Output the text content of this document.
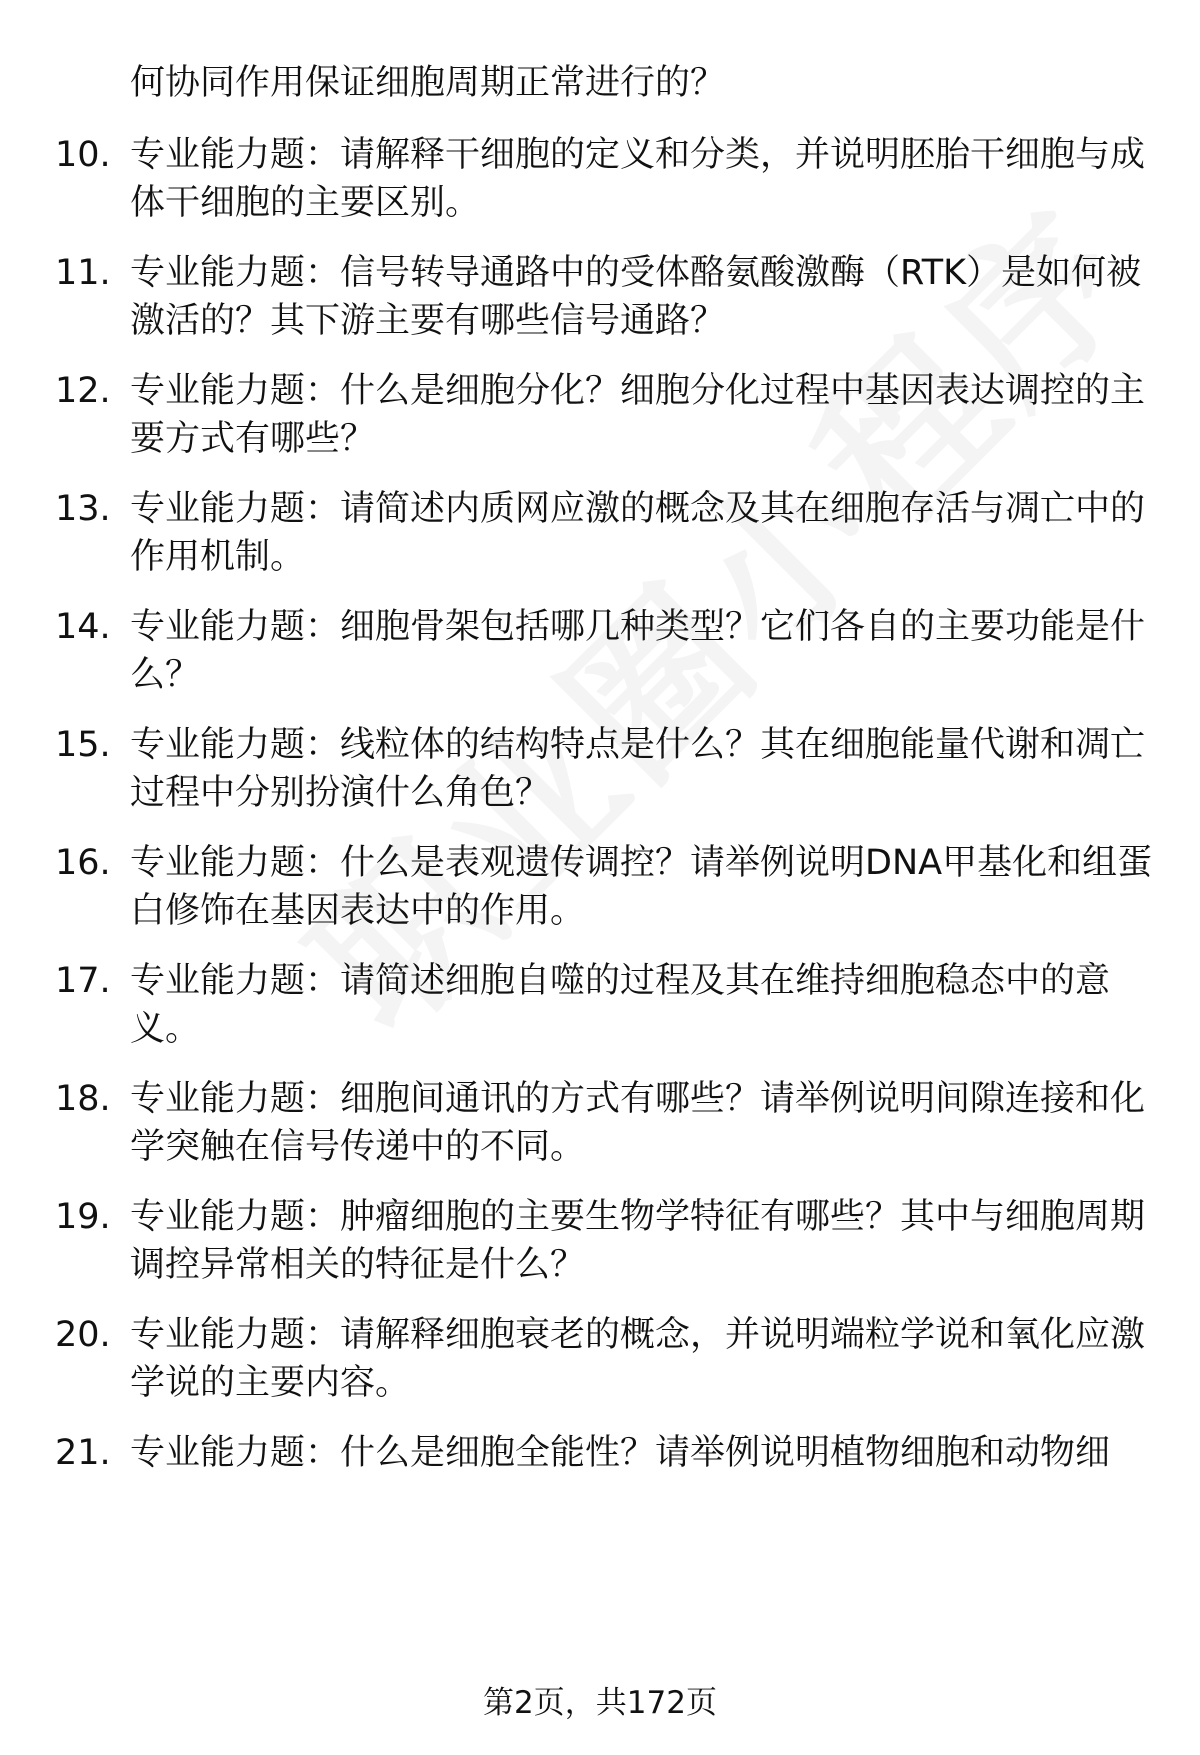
何协同作用保证细胞周期正常进行的？
10. 专业能力题：请解释干细胞的定义和分类，并说明胚胎干细胞与成体干细胞的主要区别。
11. 专业能力题：信号转导通路中的受体酪氨酸激酶（RTK）是如何被激活的？其下游主要有哪些信号通路？
12. 专业能力题：什么是细胞分化？细胞分化过程中基因表达调控的主要方式有哪些？
13. 专业能力题：请简述内质网应激的概念及其在细胞存活与凋亡中的作用机制。
14. 专业能力题：细胞骨架包括哪几种类型？它们各自的主要功能是什么？
15. 专业能力题：线粒体的结构特点是什么？其在细胞能量代谢和凋亡过程中分别扮演什么角色？
16. 专业能力题：什么是表观遗传调控？请举例说明DNA甲基化和组蛋白修饰在基因表达中的作用。
17. 专业能力题：请简述细胞自噬的过程及其在维持细胞稳态中的意义。
18. 专业能力题：细胞间通讯的方式有哪些？请举例说明间隙连接和化学突触在信号传递中的不同。
19. 专业能力题：肿瘤细胞的主要生物学特征有哪些？其中与细胞周期调控异常相关的特征是什么？
20. 专业能力题：请解释细胞衰老的概念，并说明端粒学说和氧化应激学说的主要内容。
21. 专业能力题：什么是细胞全能性？请举例说明植物细胞和动物细
第2页，共172页
